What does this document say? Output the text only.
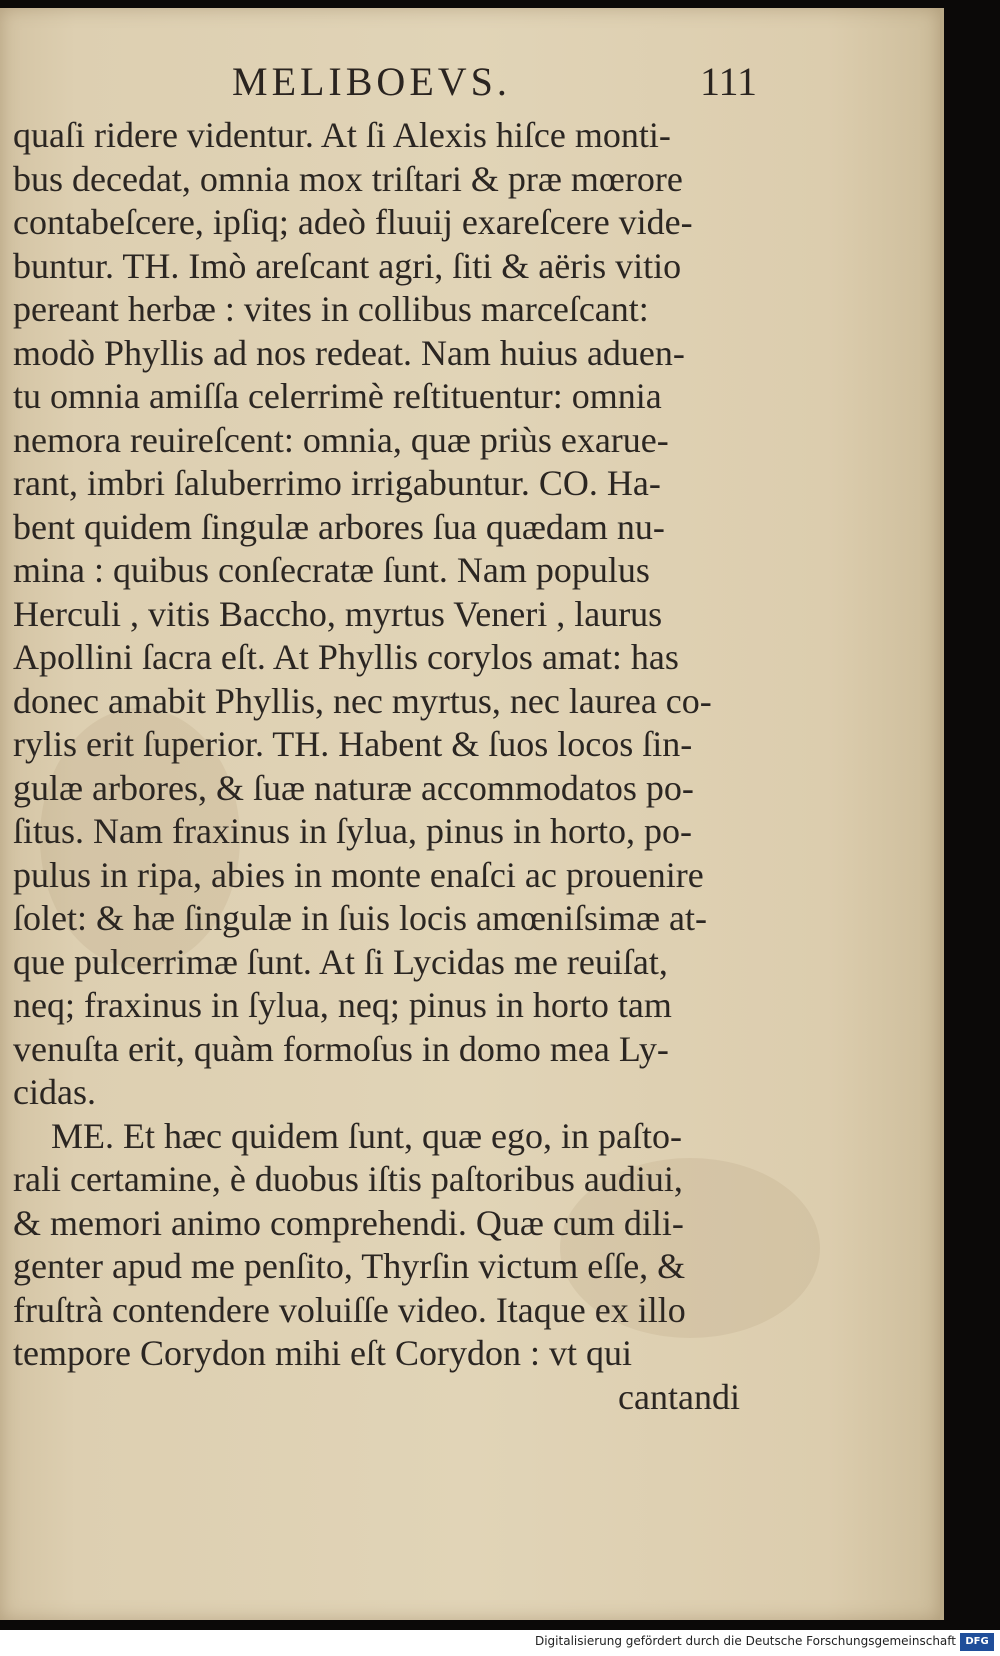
MELIBOEVS.	111
quaſi ridere videntur. At ſi Alexis hiſce monti-
bus decedat, omnia mox triſtari & præ mœrore
contabeſcere, ipſiq; adeò fluuij exareſcere vide-
buntur. TH. Imò areſcant agri, ſiti & aëris vitio
pereant herbæ : vites in collibus marceſcant:
modò Phyllis ad nos redeat. Nam huius aduen-
tu omnia amiſſa celerrimè reſtituentur: omnia
nemora reuireſcent: omnia, quæ priùs exarue-
rant, imbri ſaluberrimo irrigabuntur. CO. Ha-
bent quidem ſingulæ arbores ſua quædam nu-
mina : quibus conſecratæ ſunt. Nam populus
Herculi , vitis Baccho, myrtus Veneri , laurus
Apollini ſacra eſt. At Phyllis corylos amat: has
donec amabit Phyllis, nec myrtus, nec laurea co-
rylis erit ſuperior. TH. Habent & ſuos locos ſin-
gulæ arbores, & ſuæ naturæ accommodatos po-
ſitus. Nam fraxinus in ſylua, pinus in horto, po-
pulus in ripa, abies in monte enaſci ac prouenire
ſolet: & hæ ſingulæ in ſuis locis amœniſsimæ at-
que pulcerrimæ ſunt. At ſi Lycidas me reuiſat,
neq; fraxinus in ſylua, neq; pinus in horto tam
venuſta erit, quàm formoſus in domo mea Ly-
cidas.
ME. Et hæc quidem ſunt, quæ ego, in paſto-
rali certamine, è duobus iſtis paſtoribus audiui,
& memori animo comprehendi. Quæ cum dili-
genter apud me penſito, Thyrſin victum eſſe, &
fruſtrà contendere voluiſſe video. Itaque ex illo
tempore Corydon mihi eſt Corydon : vt qui
cantandi
Digitalisierung gefördert durch die Deutsche Forschungsgemeinschaft DFG
